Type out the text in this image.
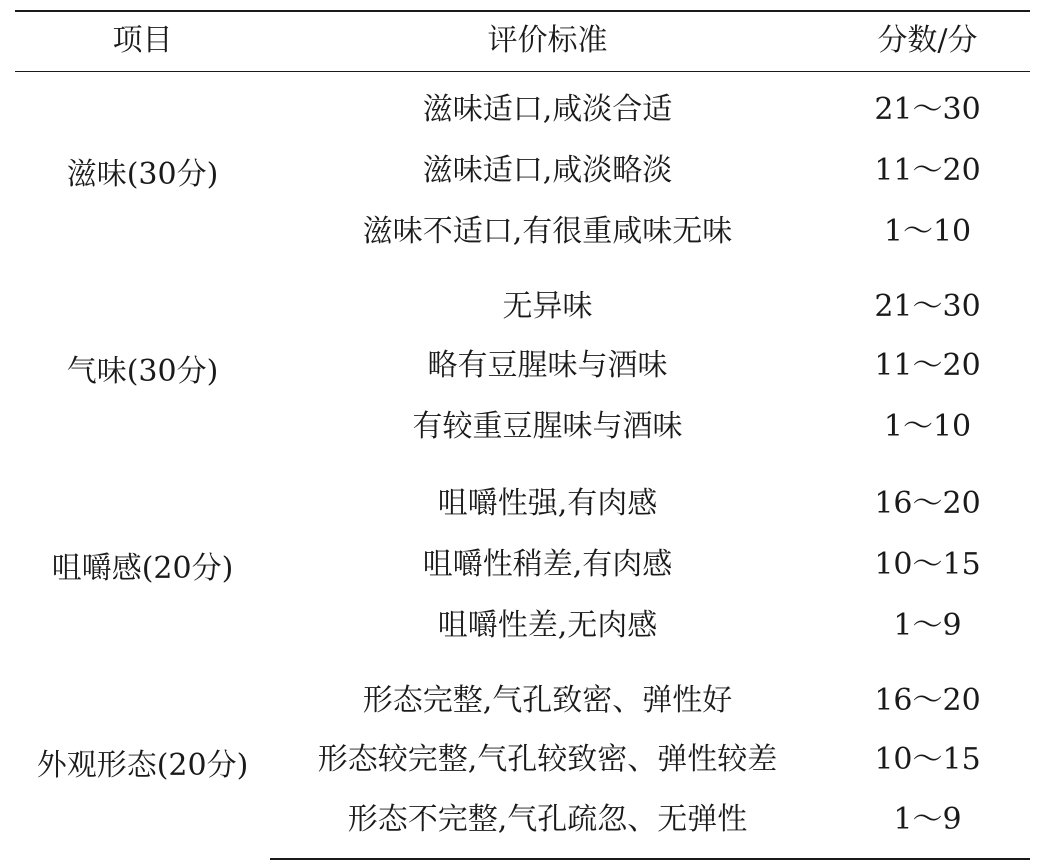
项目	评价标准	分数/分
滋味(30分)	滋味适口,咸淡合适	21～30
	滋味适口,咸淡略淡	11～20
	滋味不适口,有很重咸味无味	1～10
气味(30分)	无异味	21～30
	略有豆腥味与酒味	11～20
	有较重豆腥味与酒味	1～10
咀嚼感(20分)	咀嚼性强,有肉感	16～20
	咀嚼性稍差,有肉感	10～15
	咀嚼性差,无肉感	1～9
外观形态(20分)	形态完整,气孔致密、弹性好	16～20
	形态较完整,气孔较致密、弹性较差	10～15
	形态不完整,气孔疏忽、无弹性	1～9
